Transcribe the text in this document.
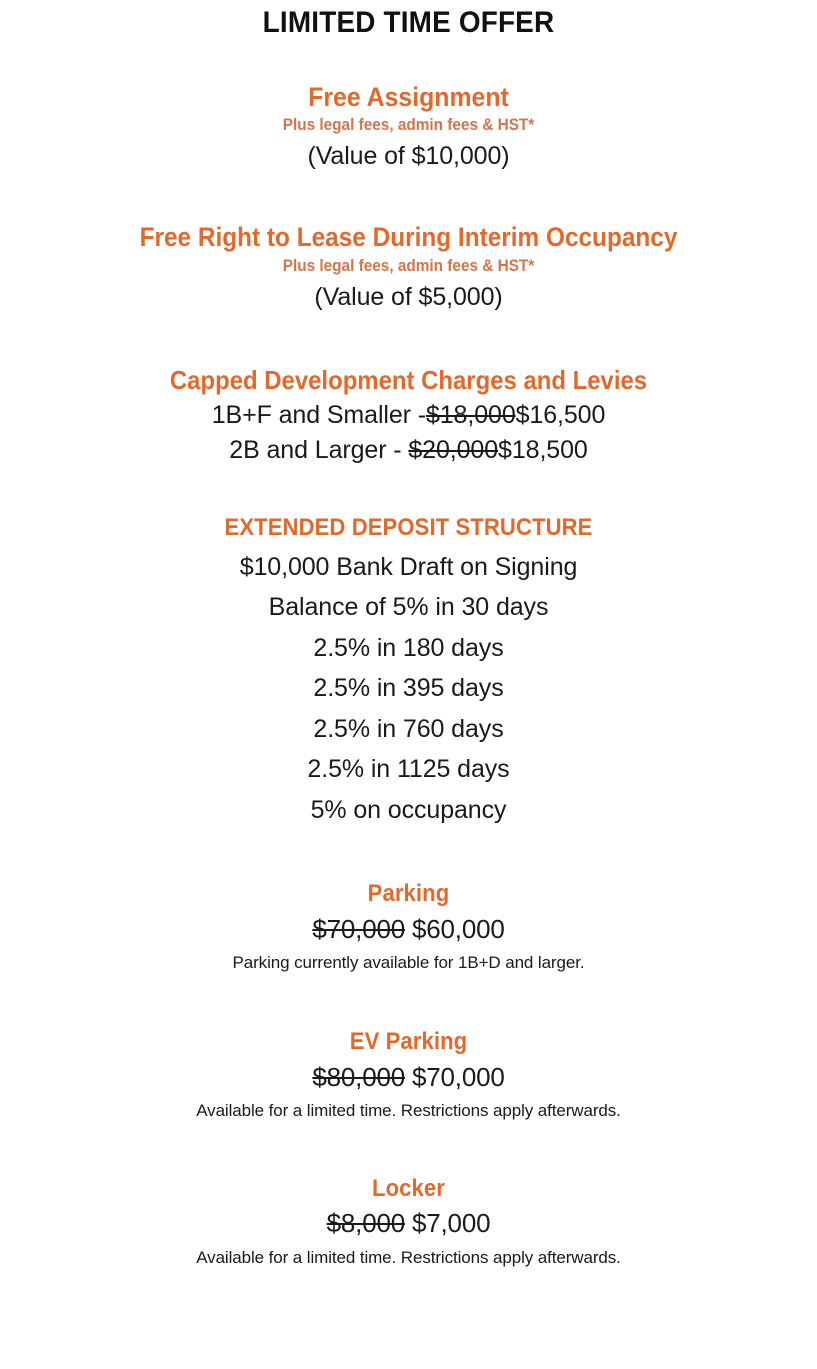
LIMITED TIME OFFER
Free Assignment
Plus legal fees, admin fees & HST*
(Value of $10,000)
Free Right to Lease During Interim Occupancy
Plus legal fees, admin fees & HST*
(Value of $5,000)
Capped Development Charges and Levies
1B+F and Smaller -$18,000$16,500
2B and Larger - $20,000$18,500
EXTENDED DEPOSIT STRUCTURE
$10,000 Bank Draft on Signing
Balance of 5% in 30 days
2.5% in 180 days
2.5% in 395 days
2.5% in 760 days
2.5% in 1125 days
5% on occupancy
Parking
$70,000 $60,000
Parking currently available for 1B+D and larger.
EV Parking
$80,000 $70,000
Available for a limited time. Restrictions apply afterwards.
Locker
$8,000 $7,000
Available for a limited time. Restrictions apply afterwards.
